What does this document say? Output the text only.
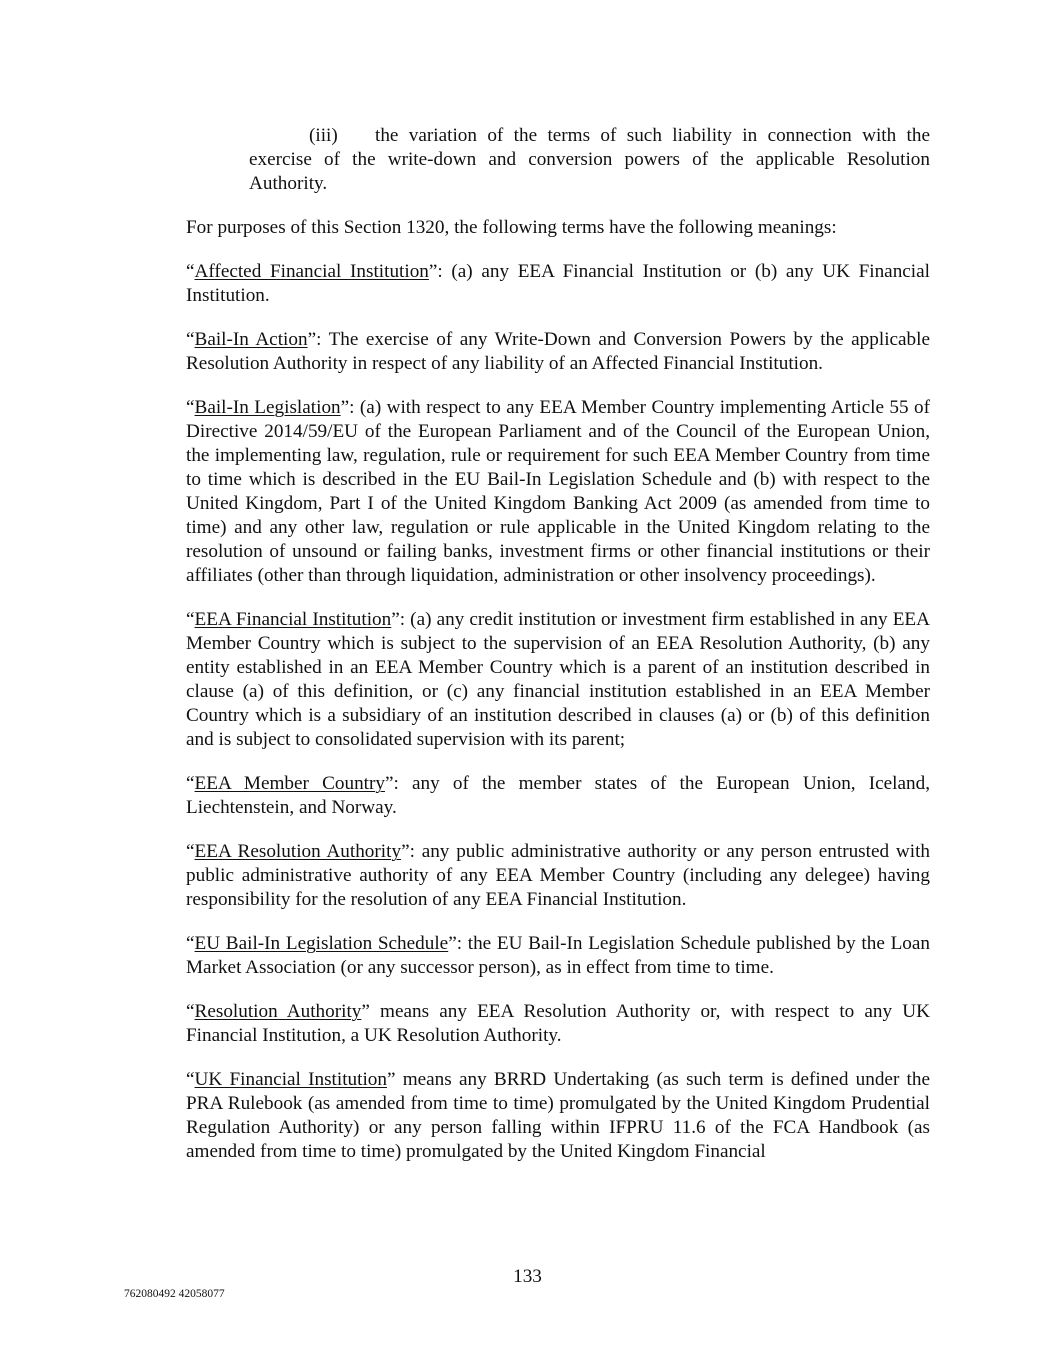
(iii) the variation of the terms of such liability in connection with the exercise of the write-down and conversion powers of the applicable Resolution Authority.

For purposes of this Section 1320, the following terms have the following meanings:

“Affected Financial Institution”: (a) any EEA Financial Institution or (b) any UK Financial Institution.

“Bail-In Action”: The exercise of any Write-Down and Conversion Powers by the applicable Resolution Authority in respect of any liability of an Affected Financial Institution.

“Bail-In Legislation”: (a) with respect to any EEA Member Country implementing Article 55 of Directive 2014/59/EU of the European Parliament and of the Council of the European Union, the implementing law, regulation, rule or requirement for such EEA Member Country from time to time which is described in the EU Bail-In Legislation Schedule and (b) with respect to the United Kingdom, Part I of the United Kingdom Banking Act 2009 (as amended from time to time) and any other law, regulation or rule applicable in the United Kingdom relating to the resolution of unsound or failing banks, investment firms or other financial institutions or their affiliates (other than through liquidation, administration or other insolvency proceedings).

“EEA Financial Institution”: (a) any credit institution or investment firm established in any EEA Member Country which is subject to the supervision of an EEA Resolution Authority, (b) any entity established in an EEA Member Country which is a parent of an institution described in clause (a) of this definition, or (c) any financial institution established in an EEA Member Country which is a subsidiary of an institution described in clauses (a) or (b) of this definition and is subject to consolidated supervision with its parent;

“EEA Member Country”: any of the member states of the European Union, Iceland, Liechtenstein, and Norway.

“EEA Resolution Authority”: any public administrative authority or any person entrusted with public administrative authority of any EEA Member Country (including any delegee) having responsibility for the resolution of any EEA Financial Institution.

“EU Bail-In Legislation Schedule”: the EU Bail-In Legislation Schedule published by the Loan Market Association (or any successor person), as in effect from time to time.

“Resolution Authority” means any EEA Resolution Authority or, with respect to any UK Financial Institution, a UK Resolution Authority.

“UK Financial Institution” means any BRRD Undertaking (as such term is defined under the PRA Rulebook (as amended from time to time) promulgated by the United Kingdom Prudential Regulation Authority) or any person falling within IFPRU 11.6 of the FCA Handbook (as amended from time to time) promulgated by the United Kingdom Financial

133
762080492 42058077
